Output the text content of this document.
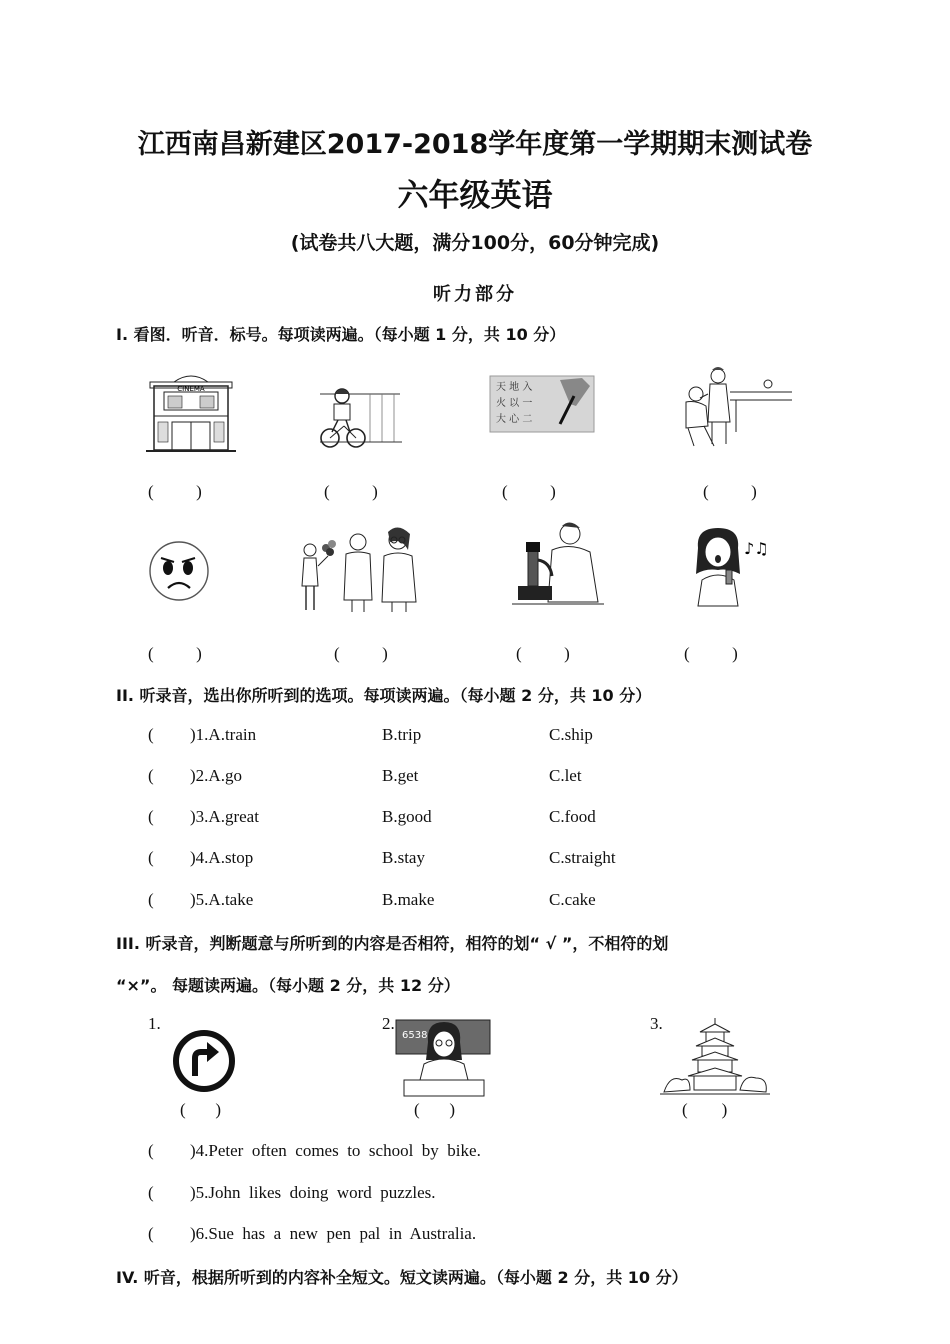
江西南昌新建区2017-2018学年度第一学期期末测试卷
六年级英语
(试卷共八大题，满分100分，60分钟完成)
听力部分
I. 看图．听音．标号。每项读两遍。（每小题 1 分，共 10 分）
CINEMA	天 地 入
火 以 一
大 心 二
(          )	(          )	(          )	(          )
♪♫
(          )	(          )	(          )	(          )
II. 听录音，选出你所听到的选项。每项读两遍。（每小题 2 分，共 10 分）
( )1.A.train	B.trip	C.ship
( )2.A.go	B.get	C.let
( )3.A.great	B.good	C.food
( )4.A.stop	B.stay	C.straight
( )5.A.take	B.make	C.cake
III. 听录音，判断题意与所听到的内容是否相符，相符的划“ √ ”，不相符的划
“×”。 每题读两遍。（每小题 2 分，共 12 分）
1.	2.	3.
6538
(       )	(       )	(        )
( )4.Peter  often  comes  to  school  by  bike.
( )5.John  likes  doing  word  puzzles.
( )6.Sue  has  a  new  pen  pal  in  Australia.
IV. 听音，根据所听到的内容补全短文。短文读两遍。（每小题 2 分，共 10 分）
